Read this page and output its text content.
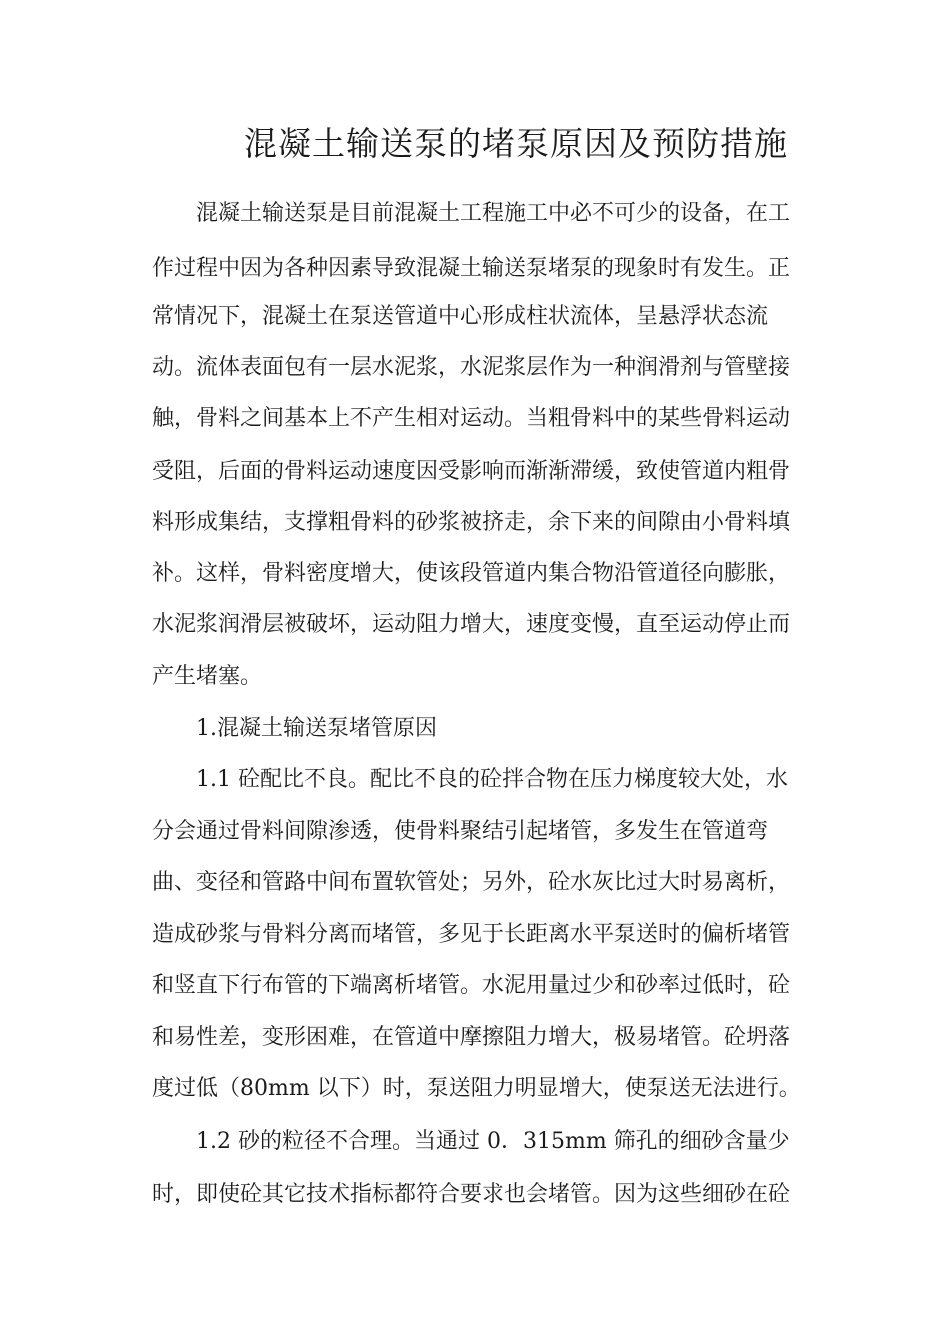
混凝土输送泵的堵泵原因及预防措施
混凝土输送泵是目前混凝土工程施工中必不可少的设备，在工
作过程中因为各种因素导致混凝土输送泵堵泵的现象时有发生。正
常情况下，混凝土在泵送管道中心形成柱状流体，呈悬浮状态流
动。流体表面包有一层水泥浆，水泥浆层作为一种润滑剂与管壁接
触，骨料之间基本上不产生相对运动。当粗骨料中的某些骨料运动
受阻，后面的骨料运动速度因受影响而渐渐滞缓，致使管道内粗骨
料形成集结，支撑粗骨料的砂浆被挤走，余下来的间隙由小骨料填
补。这样，骨料密度增大，使该段管道内集合物沿管道径向膨胀，
水泥浆润滑层被破坏，运动阻力增大，速度变慢，直至运动停止而
产生堵塞。
1.混凝土输送泵堵管原因
1.1 砼配比不良。配比不良的砼拌合物在压力梯度较大处，水
分会通过骨料间隙渗透，使骨料聚结引起堵管，多发生在管道弯
曲、变径和管路中间布置软管处；另外，砼水灰比过大时易离析，
造成砂浆与骨料分离而堵管，多见于长距离水平泵送时的偏析堵管
和竖直下行布管的下端离析堵管。水泥用量过少和砂率过低时，砼
和易性差，变形困难，在管道中摩擦阻力增大，极易堵管。砼坍落
度过低（80mm 以下）时，泵送阻力明显增大，使泵送无法进行。
1.2 砂的粒径不合理。当通过 0．315mm 筛孔的细砂含量少
时，即使砼其它技术指标都符合要求也会堵管。因为这些细砂在砼
